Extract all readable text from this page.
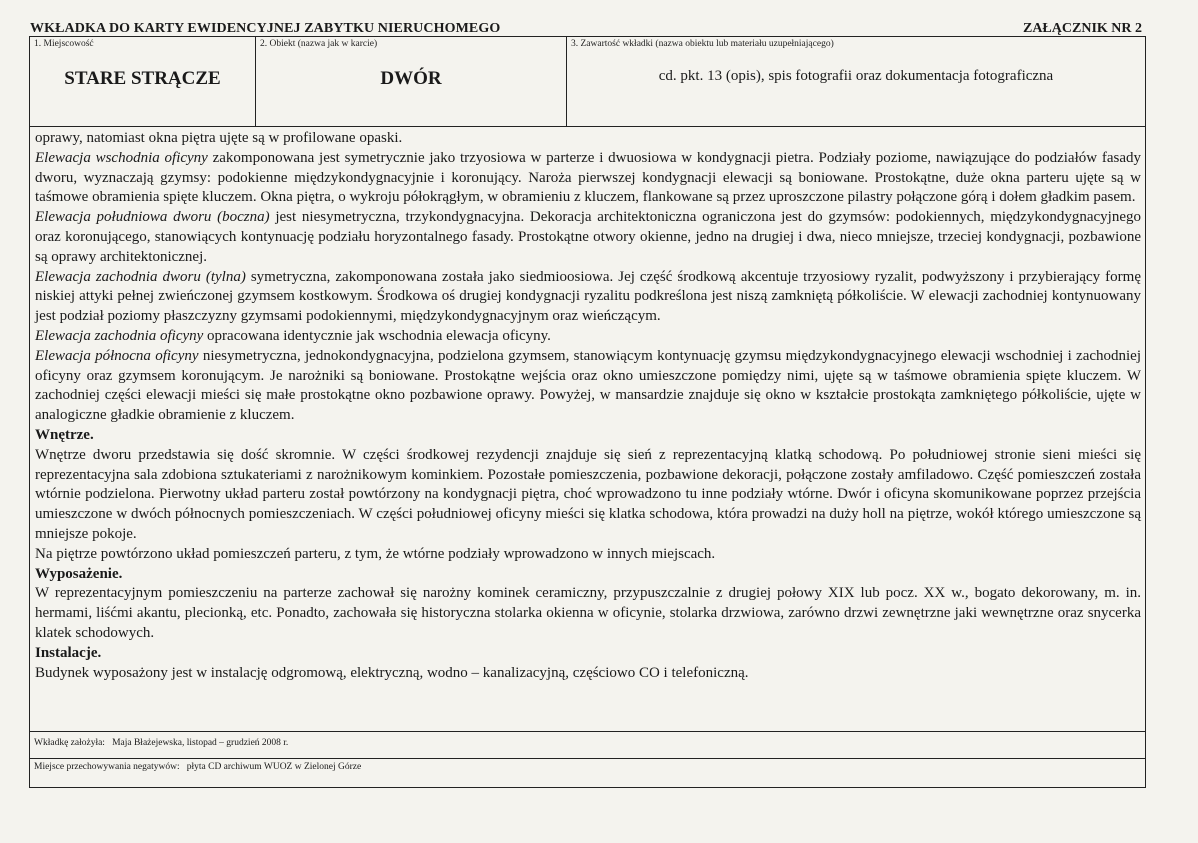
WKŁADKA DO KARTY EWIDENCYJNEJ ZABYTKU NIERUCHOMEGO	ZAŁĄCZNIK NR 2
1. Miejscowość
STARE STRĄCZE
2. Obiekt (nazwa jak w karcie)
DWÓR
3. Zawartość wkładki (nazwa obiektu lub materiału uzupełniającego)
cd. pkt. 13 (opis), spis fotografii oraz dokumentacja fotograficzna

oprawy, natomiast okna piętra ujęte są w profilowane opaski.

Elewacja wschodnia oficyny zakomponowana jest symetrycznie jako trzyosiowa w parterze i dwuosiowa w kondygnacji pietra. Podziały poziome, nawiązujące do podziałów fasady dworu, wyznaczają gzymsy: podokienne międzykondygnacyjnie i koronujący. Naroża pierwszej kondygnacji elewacji są boniowane. Prostokątne, duże okna parteru ujęte są w taśmowe obramienia spięte kluczem. Okna piętra, o wykroju półokrągłym, w obramieniu z kluczem, flankowane są przez uproszczone pilastry połączone górą i dołem gładkim pasem.

Elewacja południowa dworu (boczna) jest niesymetryczna, trzykondygnacyjna. Dekoracja architektoniczna ograniczona jest do gzymsów: podokiennych, międzykondygnacyjnego oraz koronującego, stanowiących kontynuację podziału horyzontalnego fasady. Prostokątne otwory okienne, jedno na drugiej i dwa, nieco mniejsze, trzeciej kondygnacji, pozbawione są oprawy architektonicznej.

Elewacja zachodnia dworu (tylna) symetryczna, zakomponowana została jako siedmioosiowa. Jej część środkową akcentuje trzyosiowy ryzalit, podwyższony i przybierający formę niskiej attyki pełnej zwieńczonej gzymsem kostkowym. Środkowa oś drugiej kondygnacji ryzalitu podkreślona jest niszą zamkniętą półkoliście. W elewacji zachodniej kontynuowany jest podział poziomy płaszczyzny gzymsami podokiennymi, międzykondygnacyjnym oraz wieńczącym.

Elewacja zachodnia oficyny opracowana identycznie jak wschodnia elewacja oficyny.

Elewacja północna oficyny niesymetryczna, jednokondygnacyjna, podzielona gzymsem, stanowiącym kontynuację gzymsu międzykondygnacyjnego elewacji wschodniej i zachodniej oficyny oraz gzymsem koronującym. Je narożniki są boniowane. Prostokątne wejścia oraz okno umieszczone pomiędzy nimi, ujęte są w taśmowe obramienia spięte kluczem. W zachodniej części elewacji mieści się małe prostokątne okno pozbawione oprawy. Powyżej, w mansardzie znajduje się okno w kształcie prostokąta zamkniętego półkoliście, ujęte w analogiczne gładkie obramienie z kluczem.

Wnętrze.

Wnętrze dworu przedstawia się dość skromnie. W części środkowej rezydencji znajduje się sień z reprezentacyjną klatką schodową. Po południowej stronie sieni mieści się reprezentacyjna sala zdobiona sztukateriami z narożnikowym kominkiem. Pozostałe pomieszczenia, pozbawione dekoracji, połączone zostały amfiladowo. Część pomieszczeń została wtórnie podzielona. Pierwotny układ parteru został powtórzony na kondygnacji piętra, choć wprowadzono tu inne podziały wtórne. Dwór i oficyna skomunikowane poprzez przejścia umieszczone w dwóch północnych pomieszczeniach. W części południowej oficyny mieści się klatka schodowa, która prowadzi na duży holl na piętrze, wokół którego umieszczone są mniejsze pokoje.

Na piętrze powtórzono układ pomieszczeń parteru, z tym, że wtórne podziały wprowadzono w innych miejscach.

Wyposażenie.

W reprezentacyjnym pomieszczeniu na parterze zachował się narożny kominek ceramiczny, przypuszczalnie z drugiej połowy XIX lub pocz. XX w., bogato dekorowany, m. in. hermami, liśćmi akantu, plecionką, etc. Ponadto, zachowała się historyczna stolarka okienna w oficynie, stolarka drzwiowa, zarówno drzwi zewnętrzne jaki wewnętrzne oraz snycerka klatek schodowych.

Instalacje.

Budynek wyposażony jest w instalację odgromową, elektryczną, wodno – kanalizacyjną, częściowo CO i telefoniczną.

Wkładkę założyła:   Maja Błażejewska, listopad – grudzień 2008 r.
Miejsce przechowywania negatywów:   płyta CD archiwum WUOZ w Zielonej Górze
